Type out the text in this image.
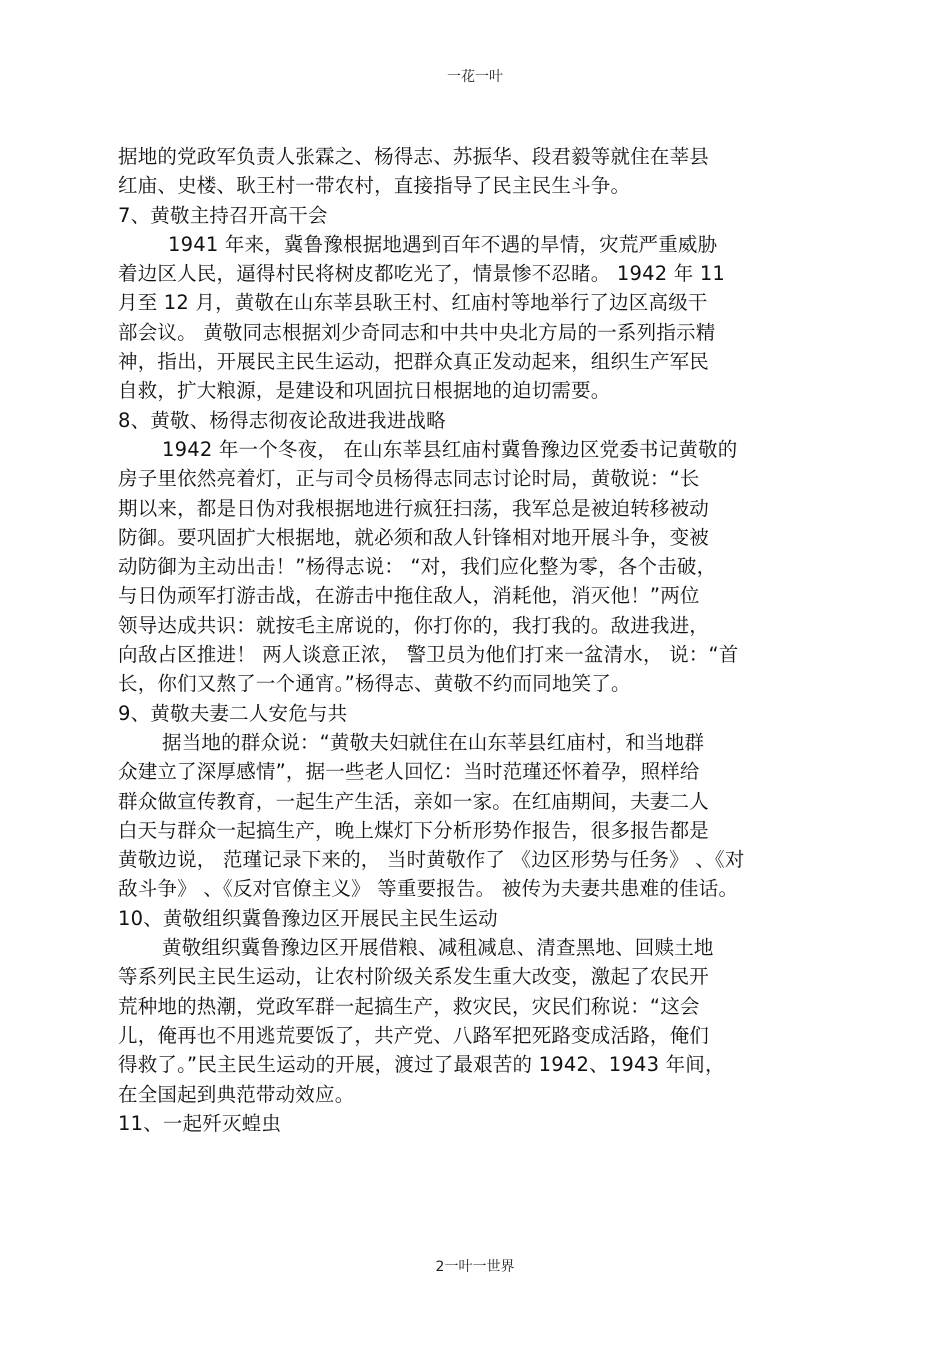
一花一叶
据地的党政军负责人张霖之、杨得志、苏振华、段君毅等就住在莘县
红庙、史楼、耿王村一带农村，直接指导了民主民生斗争。
7、黄敬主持召开高干会
1941 年来，冀鲁豫根据地遇到百年不遇的旱情，灾荒严重威胁
着边区人民，逼得村民将树皮都吃光了，情景惨不忍睹。 1942 年 11
月至 12 月，黄敬在山东莘县耿王村、红庙村等地举行了边区高级干
部会议。 黄敬同志根据刘少奇同志和中共中央北方局的一系列指示精
神，指出，开展民主民生运动，把群众真正发动起来，组织生产军民
自救，扩大粮源，是建设和巩固抗日根据地的迫切需要。
8、黄敬、杨得志彻夜论敌进我进战略
1942 年一个冬夜， 在山东莘县红庙村冀鲁豫边区党委书记黄敬的
房子里依然亮着灯，正与司令员杨得志同志讨论时局，黄敬说：“长
期以来，都是日伪对我根据地进行疯狂扫荡，我军总是被迫转移被动
防御。要巩固扩大根据地，就必须和敌人针锋相对地开展斗争，变被
动防御为主动出击！”杨得志说： “对，我们应化整为零，各个击破，
与日伪顽军打游击战，在游击中拖住敌人，消耗他，消灭他！”两位
领导达成共识：就按毛主席说的，你打你的，我打我的。敌进我进，
向敌占区推进！ 两人谈意正浓， 警卫员为他们打来一盆清水， 说：“首
长，你们又熬了一个通宵。”杨得志、黄敬不约而同地笑了。
9、黄敬夫妻二人安危与共
据当地的群众说：“黄敬夫妇就住在山东莘县红庙村，和当地群
众建立了深厚感情”，据一些老人回忆：当时范瑾还怀着孕，照样给
群众做宣传教育，一起生产生活，亲如一家。在红庙期间，夫妻二人
白天与群众一起搞生产，晚上煤灯下分析形势作报告，很多报告都是
黄敬边说， 范瑾记录下来的， 当时黄敬作了 《边区形势与任务》 、《对
敌斗争》 、《反对官僚主义》 等重要报告。 被传为夫妻共患难的佳话。
10、黄敬组织冀鲁豫边区开展民主民生运动
黄敬组织冀鲁豫边区开展借粮、减租减息、清查黑地、回赎土地
等系列民主民生运动，让农村阶级关系发生重大改变，激起了农民开
荒种地的热潮，党政军群一起搞生产，救灾民，灾民们称说：“这会
儿，俺再也不用逃荒要饭了，共产党、八路军把死路变成活路，俺们
得救了。”民主民生运动的开展，渡过了最艰苦的 1942、1943 年间，
在全国起到典范带动效应。
11、一起歼灭蝗虫
2一叶一世界
